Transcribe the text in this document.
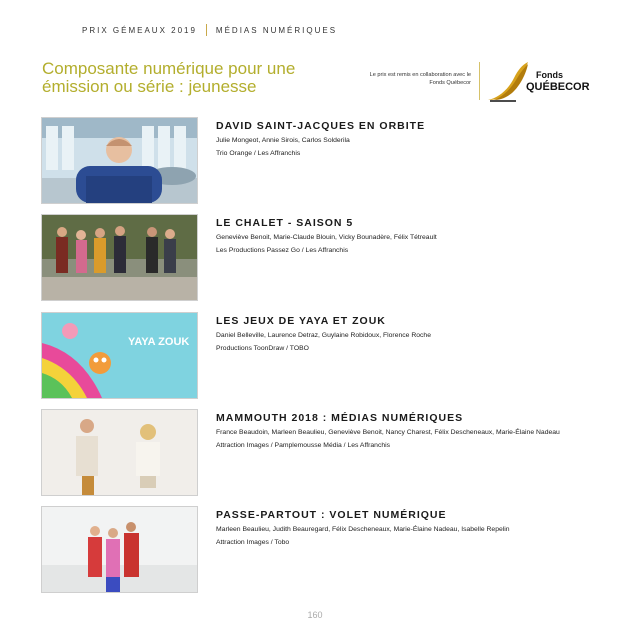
PRIX GÉMEAUX 2019 MÉDIAS NUMÉRIQUES
Composante numérique pour une émission ou série : jeunesse
Le prix est remis en collaboration avec le Fonds Québecor
Fonds
QUÉBECOR
DAVID SAINT-JACQUES EN ORBITE
Julie Mongeot, Annie Sirois, Carlos Solderila
Trio Orange / Les Affranchis
LE CHALET - SAISON 5
Geneviève Benoit, Marie-Claude Blouin, Vicky Bounadère, Félix Tétreault
Les Productions Passez Go / Les Affranchis
YAYA ZOUK
LES JEUX DE YAYA ET ZOUK
Daniel Belleville, Laurence Detraz, Guylaine Robidoux, Florence Roche
Productions ToonDraw / TOBO
MAMMOUTH 2018 : MÉDIAS NUMÉRIQUES
France Beaudoin, Marleen Beaulieu, Geneviève Benoit, Nancy Charest, Félix Descheneaux, Marie-Élaine Nadeau
Attraction Images / Pamplemousse Média / Les Affranchis
PASSE-PARTOUT : VOLET NUMÉRIQUE
Marleen Beaulieu, Judith Beauregard, Félix Descheneaux, Marie-Élaine Nadeau, Isabelle Repelin
Attraction Images / Tobo
160
